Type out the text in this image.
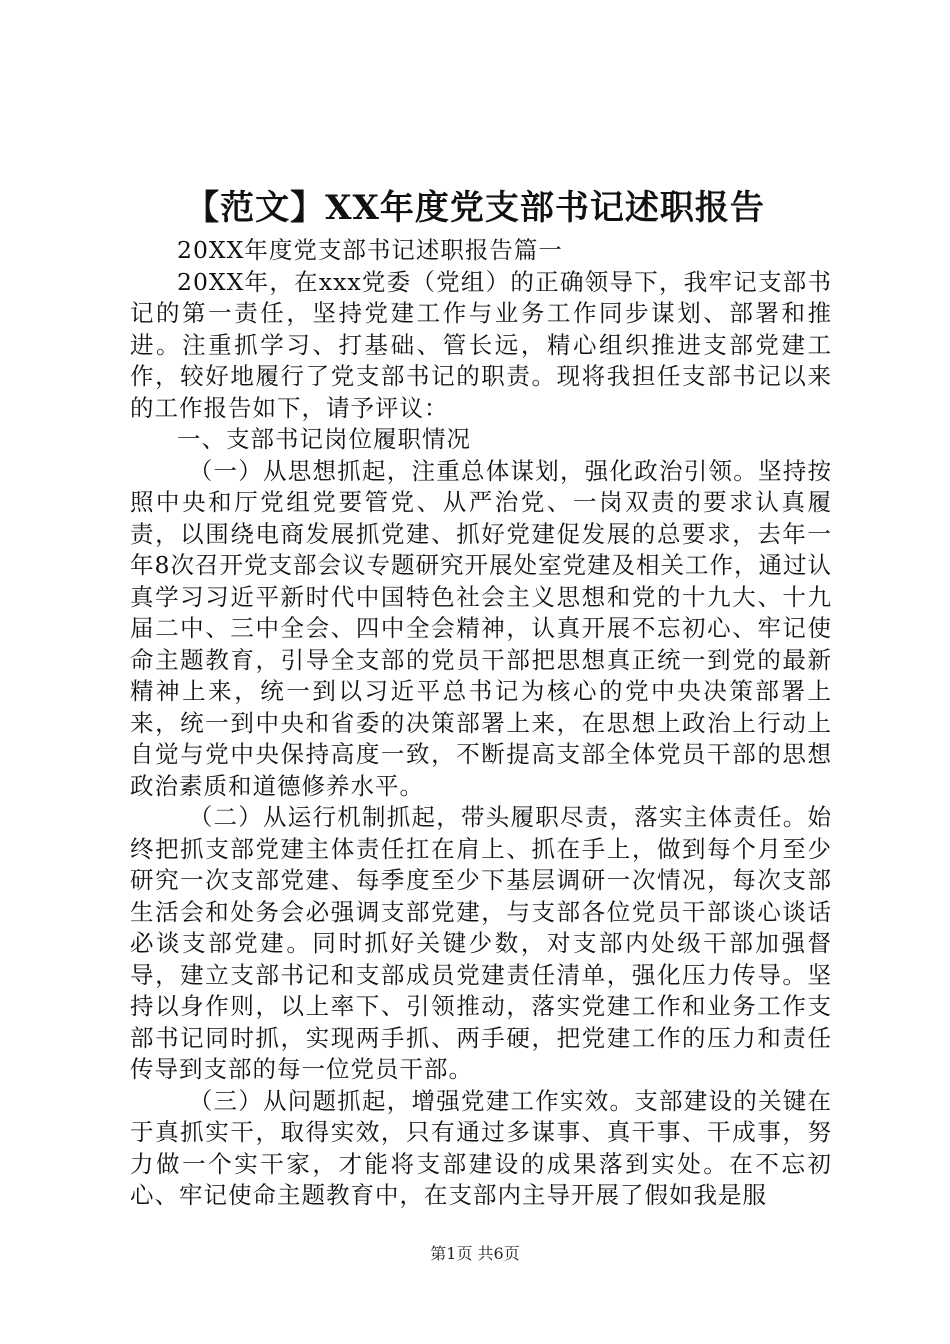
【范文】XX年度党支部书记述职报告

20XX年度党支部书记述职报告篇一

20XX年，在xxx党委（党组）的正确领导下，我牢记支部书记的第一责任，坚持党建工作与业务工作同步谋划、部署和推进。注重抓学习、打基础、管长远，精心组织推进支部党建工作，较好地履行了党支部书记的职责。现将我担任支部书记以来的工作报告如下，请予评议：

一、支部书记岗位履职情况

（一）从思想抓起，注重总体谋划，强化政治引领。坚持按照中央和厅党组党要管党、从严治党、一岗双责的要求认真履责，以围绕电商发展抓党建、抓好党建促发展的总要求，去年一年8次召开党支部会议专题研究开展处室党建及相关工作，通过认真学习习近平新时代中国特色社会主义思想和党的十九大、十九届二中、三中全会、四中全会精神，认真开展不忘初心、牢记使命主题教育，引导全支部的党员干部把思想真正统一到党的最新精神上来，统一到以习近平总书记为核心的党中央决策部署上来，统一到中央和省委的决策部署上来，在思想上政治上行动上自觉与党中央保持高度一致，不断提高支部全体党员干部的思想政治素质和道德修养水平。

（二）从运行机制抓起，带头履职尽责，落实主体责任。始终把抓支部党建主体责任扛在肩上、抓在手上，做到每个月至少研究一次支部党建、每季度至少下基层调研一次情况，每次支部生活会和处务会必强调支部党建，与支部各位党员干部谈心谈话必谈支部党建。同时抓好关键少数，对支部内处级干部加强督导，建立支部书记和支部成员党建责任清单，强化压力传导。坚持以身作则，以上率下、引领推动，落实党建工作和业务工作支部书记同时抓，实现两手抓、两手硬，把党建工作的压力和责任传导到支部的每一位党员干部。

（三）从问题抓起，增强党建工作实效。支部建设的关键在于真抓实干，取得实效，只有通过多谋事、真干事、干成事，努力做一个实干家，才能将支部建设的成果落到实处。在不忘初心、牢记使命主题教育中，在支部内主导开展了假如我是服

第1页 共6页
